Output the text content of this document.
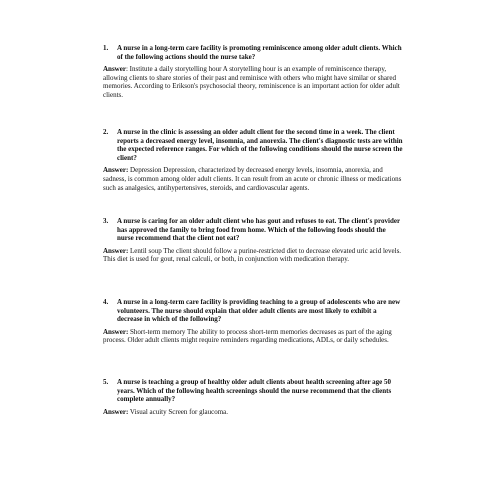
1.	A nurse in a long-term care facility is promoting reminiscence among older adult clients. Which of the following actions should the nurse take?
Answer: Institute a daily storytelling hour A storytelling hour is an example of reminiscence therapy, allowing clients to share stories of their past and reminisce with others who might have similar or shared memories. According to Erikson's psychosocial theory, reminiscence is an important action for older adult clients.
2.	A nurse in the clinic is assessing an older adult client for the second time in a week. The client reports a decreased energy level, insomnia, and anorexia. The client's diagnostic tests are within the expected reference ranges. For which of the following conditions should the nurse screen the client?
Answer: Depression Depression, characterized by decreased energy levels, insomnia, anorexia, and sadness, is common among older adult clients. It can result from an acute or chronic illness or medications such as analgesics, antihypertensives, steroids, and cardiovascular agents.
3.	A nurse is caring for an older adult client who has gout and refuses to eat. The client's provider has approved the family to bring food from home. Which of the following foods should the nurse recommend that the client not eat?
Answer: Lentil soup The client should follow a purine-restricted diet to decrease elevated uric acid levels. This diet is used for gout, renal calculi, or both, in conjunction with medication therapy.
4.	A nurse in a long-term care facility is providing teaching to a group of adolescents who are new volunteers. The nurse should explain that older adult clients are most likely to exhibit a decrease in which of the following?
Answer: Short-term memory The ability to process short-term memories decreases as part of the aging process. Older adult clients might require reminders regarding medications, ADLs, or daily schedules.
5.	A nurse is teaching a group of healthy older adult clients about health screening after age 50 years. Which of the following health screenings should the nurse recommend that the clients complete annually?
Answer: Visual acuity Screen for glaucoma.
